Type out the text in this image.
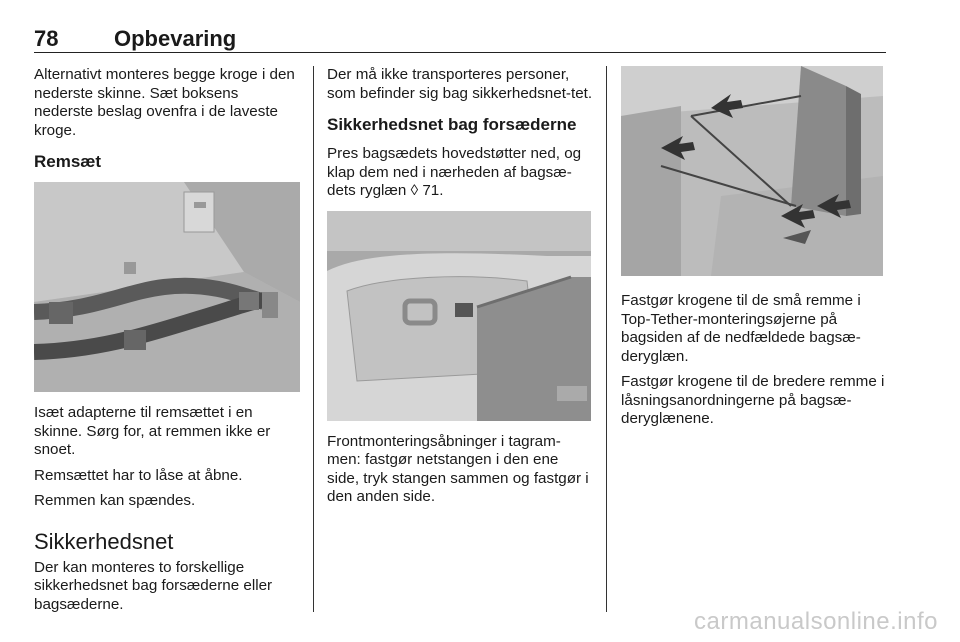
78	Opbevaring

Alternativt monteres begge kroge i den nederste skinne. Sæt boksens nederste beslag ovenfra i de laveste kroge.

Remsæt

Isæt adapterne til remsættet i en skinne. Sørg for, at remmen ikke er snoet.

Remsættet har to låse at åbne.

Remmen kan spændes.

Sikkerhedsnet

Der kan monteres to forskellige sikkerhedsnet bag forsæderne eller bagsæderne.

Der må ikke transporteres personer, som befinder sig bag sikkerhedsnet-tet.

Sikkerhedsnet bag forsæderne

Pres bagsædets hovedstøtter ned, og klap dem ned i nærheden af bagsæ-dets ryglæn ◊ 71.

Frontmonteringsåbninger i tagram-men: fastgør netstangen i den ene side, tryk stangen sammen og fastgør i den anden side.

Fastgør krogene til de små remme i Top-Tether-monteringsøjerne på bagsiden af de nedfældede bagsæ-deryglæn.

Fastgør krogene til de bredere remme i låsningsanordningerne på bagsæ-deryglænene.

carmanualsonline.info
